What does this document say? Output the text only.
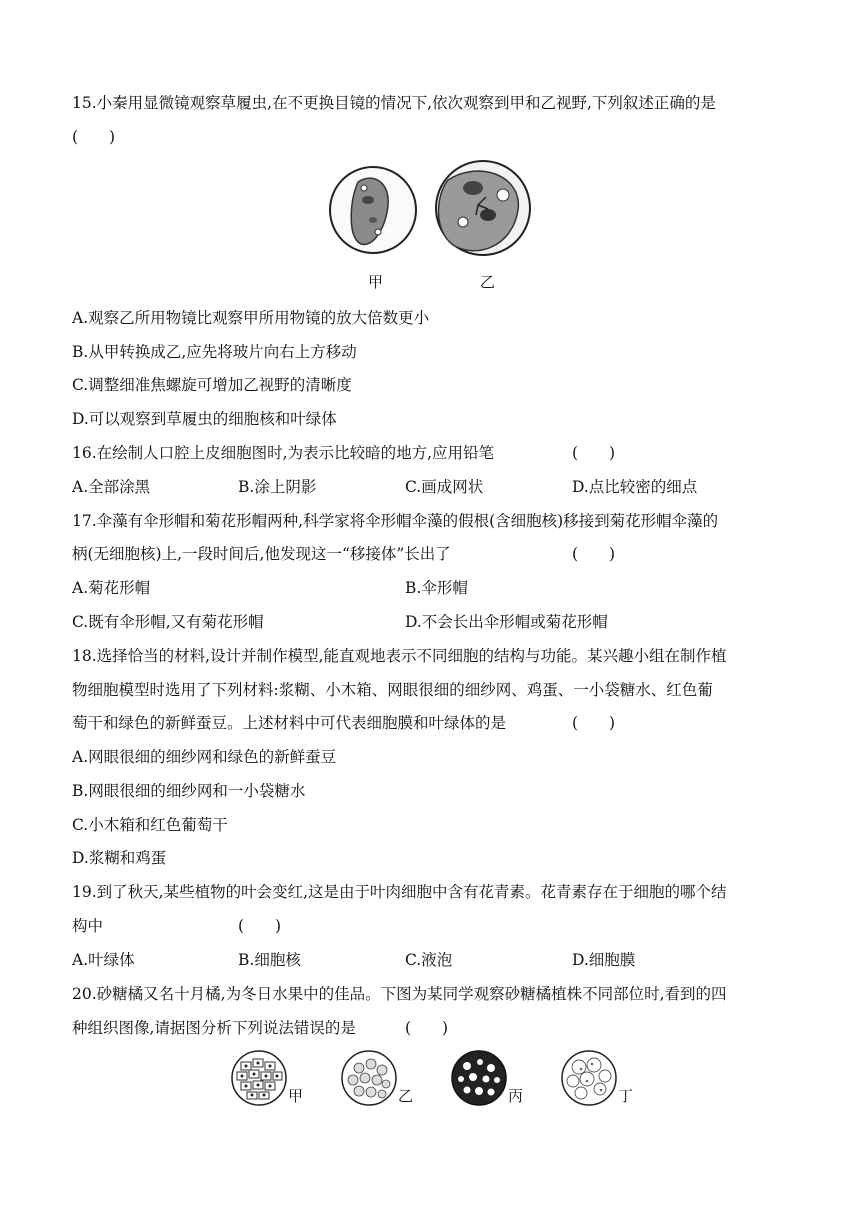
15.小秦用显微镜观察草履虫,在不更换目镜的情况下,依次观察到甲和乙视野,下列叙述正确的是
(　　)
甲	乙
A.观察乙所用物镜比观察甲所用物镜的放大倍数更小
B.从甲转换成乙,应先将玻片向右上方移动
C.调整细准焦螺旋可增加乙视野的清晰度
D.可以观察到草履虫的细胞核和叶绿体
16.在绘制人口腔上皮细胞图时,为表示比较暗的地方,应用铅笔	(　　)
A.全部涂黑	B.涂上阴影	C.画成网状	D.点比较密的细点
17.伞藻有伞形帽和菊花形帽两种,科学家将伞形帽伞藻的假根(含细胞核)移接到菊花形帽伞藻的
柄(无细胞核)上,一段时间后,他发现这一“移接体”长出了	(　　)
A.菊花形帽	B.伞形帽
C.既有伞形帽,又有菊花形帽	D.不会长出伞形帽或菊花形帽
18.选择恰当的材料,设计并制作模型,能直观地表示不同细胞的结构与功能。某兴趣小组在制作植
物细胞模型时选用了下列材料:浆糊、小木箱、网眼很细的细纱网、鸡蛋、一小袋糖水、红色葡
萄干和绿色的新鲜蚕豆。上述材料中可代表细胞膜和叶绿体的是	(　　)
A.网眼很细的细纱网和绿色的新鲜蚕豆
B.网眼很细的细纱网和一小袋糖水
C.小木箱和红色葡萄干
D.浆糊和鸡蛋
19.到了秋天,某些植物的叶会变红,这是由于叶肉细胞中含有花青素。花青素存在于细胞的哪个结
构中	(　　)
A.叶绿体	B.细胞核	C.液泡	D.细胞膜
20.砂糖橘又名十月橘,为冬日水果中的佳品。下图为某同学观察砂糖橘植株不同部位时,看到的四
种组织图像,请据图分析下列说法错误的是	(　　)
甲	乙	丙	丁
